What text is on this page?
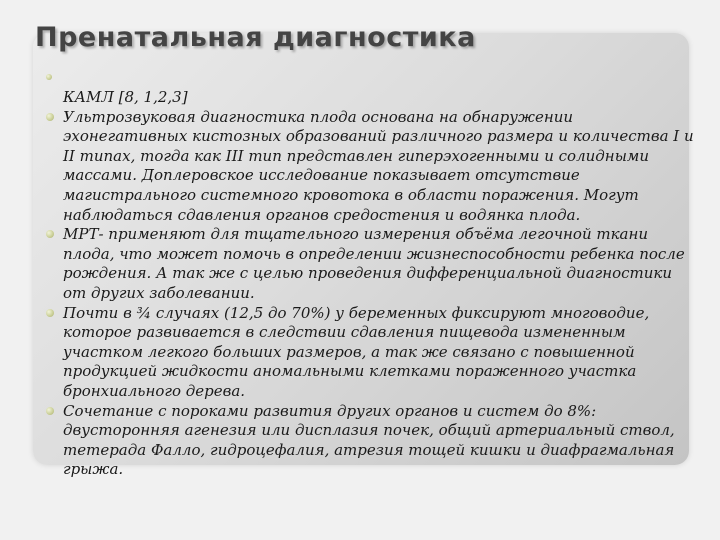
Пренатальная диагностика
КАМЛ [8, 1,2,3]
Ультрозвуковая диагностика плода основана на обнаружении эхонегативных кистозных образований различного размера и количества I и II типах, тогда как III тип представлен гиперэхогенными и солидными массами. Доплеровское исследование показывает отсутствие магистрального системного кровотока в области поражения. Могут наблюдаться сдавления органов средостения и водянка плода.
МРТ- применяют для тщательного измерения объёма легочной ткани плода, что может помочь в определении жизнеспособности ребенка после рождения. А так же с целью проведения дифференциальной диагностики от других заболевании.
Почти в ¾ случаях (12,5 до 70%) у беременных фиксируют многоводие, которое развивается в следствии сдавления пищевода измененным участком легкого больших размеров, а так же связано с повышенной продукцией жидкости аномальными клетками пораженного участка бронхиального дерева.
Сочетание с пороками развития других органов и систем до 8%: двусторонняя агенезия или дисплазия почек, общий артериальный ствол, тетерада Фалло, гидроцефалия, атрезия тощей кишки и диафрагмальная грыжа.
